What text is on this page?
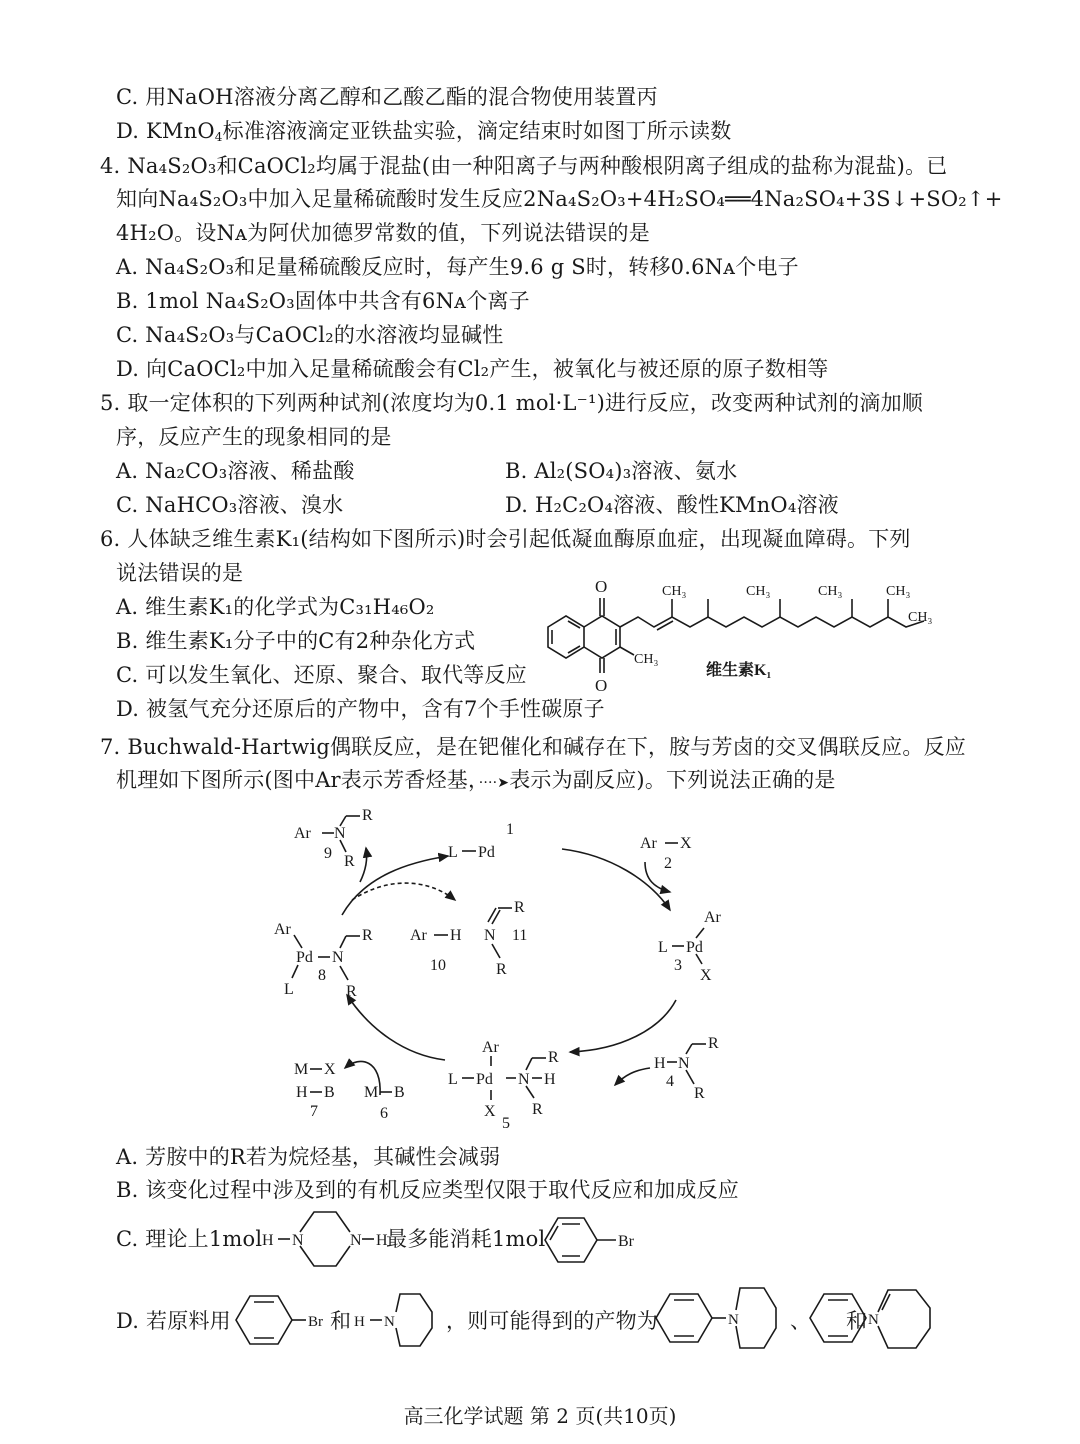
C. 用NaOH溶液分离乙醇和乙酸乙酯的混合物使用装置丙
D. KMnO$_4$标准溶液滴定亚铁盐实验，滴定结束时如图丁所示读数
4. Na₄S₂O₃和CaOCl₂均属于混盐(由一种阳离子与两种酸根阴离子组成的盐称为混盐)。已
知向Na₄S₂O₃中加入足量稀硫酸时发生反应2Na₄S₂O₃+4H₂SO₄══4Na₂SO₄+3S↓+SO₂↑+
4H₂O。设Nᴀ为阿伏加德罗常数的值，下列说法错误的是
A. Na₄S₂O₃和足量稀硫酸反应时，每产生9.6 g S时，转移0.6Nᴀ个电子
B. 1mol Na₄S₂O₃固体中共含有6Nᴀ个离子
C. Na₄S₂O₃与CaOCl₂的水溶液均显碱性
D. 向CaOCl₂中加入足量稀硫酸会有Cl₂产生，被氧化与被还原的原子数相等
5. 取一定体积的下列两种试剂(浓度均为0.1 mol·L⁻¹)进行反应，改变两种试剂的滴加顺
序，反应产生的现象相同的是
A. Na₂CO₃溶液、稀盐酸	B. Al₂(SO₄)₃溶液、氨水
C. NaHCO₃溶液、溴水	D. H₂C₂O₄溶液、酸性KMnO₄溶液
6. 人体缺乏维生素K₁(结构如下图所示)时会引起低凝血酶原血症，出现凝血障碍。下列
说法错误的是
A. 维生素K₁的化学式为C₃₁H₄₆O₂
B. 维生素K₁分子中的C有2种杂化方式
C. 可以发生氧化、还原、聚合、取代等反应
D. 被氢气充分还原后的产物中，含有7个手性碳原子
O
O
CH₃
CH₃	CH₃	CH₃	CH₃
CH₃
维生素K₁
7. Buchwald-Hartwig偶联反应，是在钯催化和碱存在下，胺与芳卤的交叉偶联反应。反应
机理如下图所示(图中Ar表示芳香烃基，····➤表示为副反应)。下列说法正确的是
Ar N
R
R
9
1
L Pd
Ar X
2
Ar
L Pd
3
X
Ar
Pd N
R
R
L
8
Ar H
10
R
N 11
R
Ar
L Pd N H
R
R
X
5
H N
R
R
4
M X
H B
7
M B
6
A. 芳胺中的R若为烷烃基，其碱性会减弱
B. 该变化过程中涉及到的有机反应类型仅限于取代反应和加成反应
C. 理论上1mol H N	N H
最多能消耗1mol	Br
D. 若原料用	Br 和 H N ，则可能得到的产物为	N 、 和 N
高三化学试题 第 2 页(共10页)
